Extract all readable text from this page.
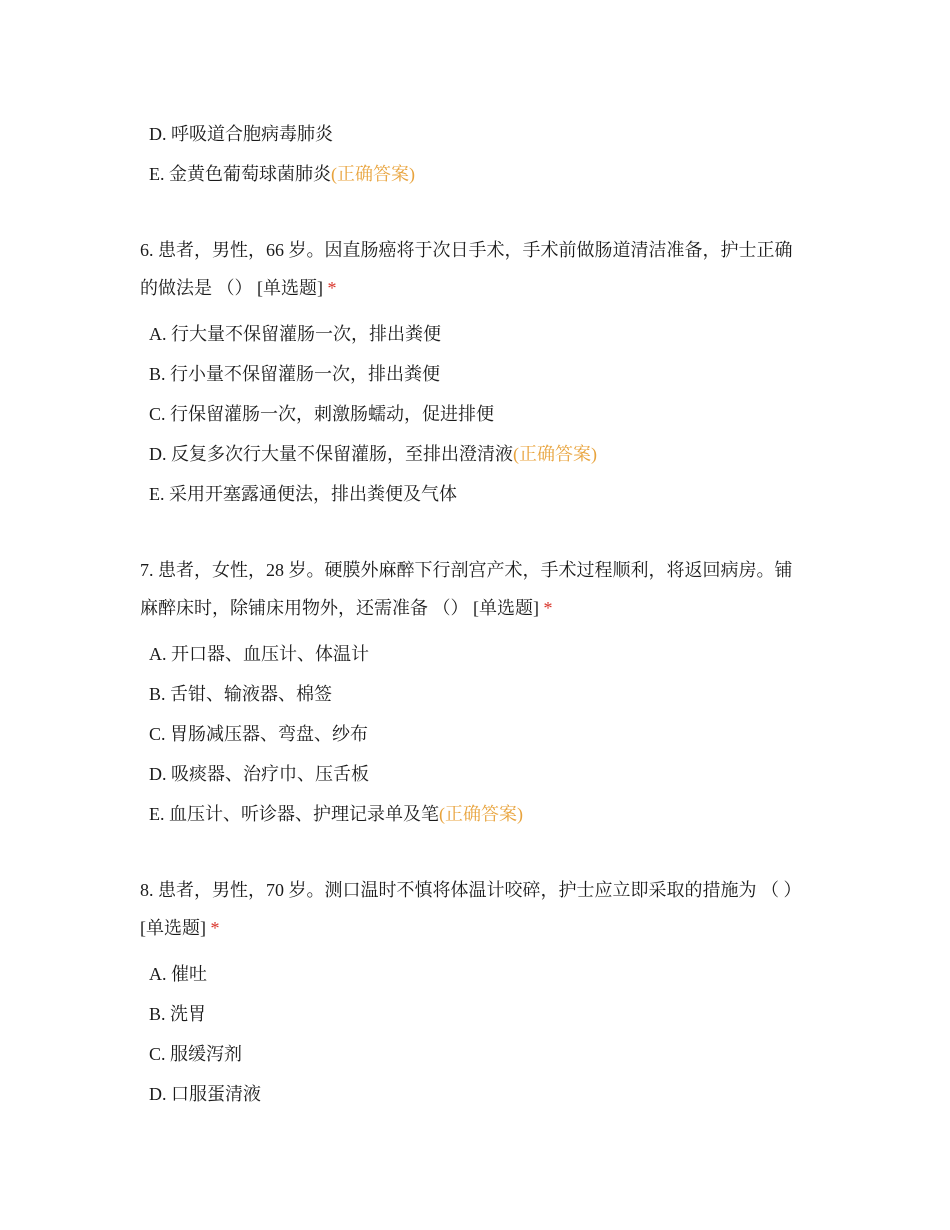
D. 呼吸道合胞病毒肺炎
E. 金黄色葡萄球菌肺炎(正确答案)
6. 患者，男性，66 岁。因直肠癌将于次日手术，手术前做肠道清洁准备，护士正确的做法是 （） [单选题] *
A. 行大量不保留灌肠一次，排出粪便
B. 行小量不保留灌肠一次，排出粪便
C. 行保留灌肠一次，刺激肠蠕动，促进排便
D. 反复多次行大量不保留灌肠，至排出澄清液(正确答案)
E. 采用开塞露通便法，排出粪便及气体
7. 患者，女性，28 岁。硬膜外麻醉下行剖宫产术，手术过程顺利，将返回病房。铺麻醉床时，除铺床用物外，还需准备 （） [单选题] *
A. 开口器、血压计、体温计
B. 舌钳、输液器、棉签
C. 胃肠减压器、弯盘、纱布
D. 吸痰器、治疗巾、压舌板
E. 血压计、听诊器、护理记录单及笔(正确答案)
8. 患者，男性，70 岁。测口温时不慎将体温计咬碎，护士应立即采取的措施为 （ ） [单选题] *
A. 催吐
B. 洗胃
C. 服缓泻剂
D. 口服蛋清液
